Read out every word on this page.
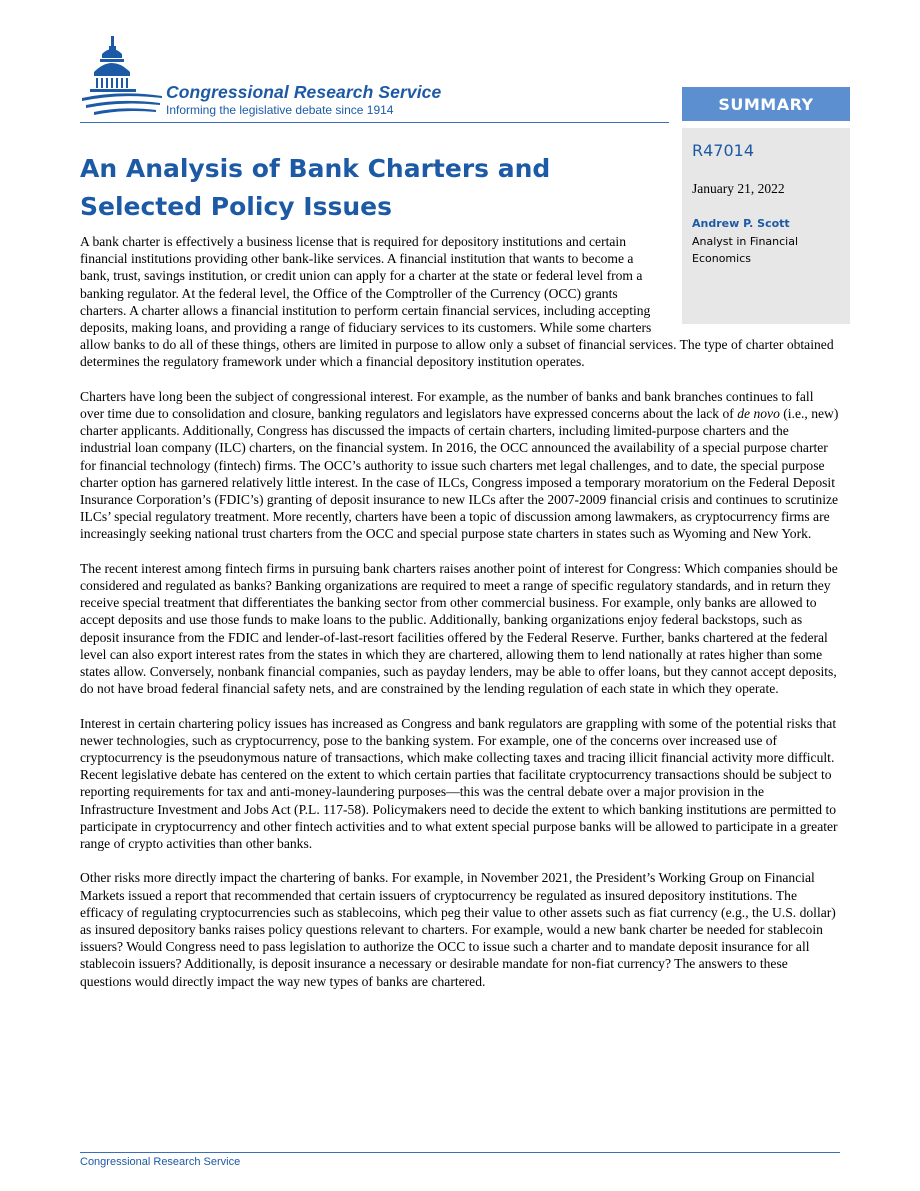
Congressional Research Service
Informing the legislative debate since 1914	SUMMARY
R47014
January 21, 2022
Andrew P. Scott
Analyst in Financial Economics
An Analysis of Bank Charters and Selected Policy Issues

A bank charter is effectively a business license that is required for depository institutions and certain financial institutions providing other bank-like services. A financial institution that wants to become a bank, trust, savings institution, or credit union can apply for a charter at the state or federal level from a banking regulator. At the federal level, the Office of the Comptroller of the Currency (OCC) grants charters. A charter allows a financial institution to perform certain financial services, including accepting deposits, making loans, and providing a range of fiduciary services to its customers. While some charters allow banks to do all of these things, others are limited in purpose to allow only a subset of financial services. The type of charter obtained determines the regulatory framework under which a financial depository institution operates.

Charters have long been the subject of congressional interest. For example, as the number of banks and bank branches continues to fall over time due to consolidation and closure, banking regulators and legislators have expressed concerns about the lack of de novo (i.e., new) charter applicants. Additionally, Congress has discussed the impacts of certain charters, including limited-purpose charters and the industrial loan company (ILC) charters, on the financial system. In 2016, the OCC announced the availability of a special purpose charter for financial technology (fintech) firms. The OCC’s authority to issue such charters met legal challenges, and to date, the special purpose charter option has garnered relatively little interest. In the case of ILCs, Congress imposed a temporary moratorium on the Federal Deposit Insurance Corporation’s (FDIC’s) granting of deposit insurance to new ILCs after the 2007-2009 financial crisis and continues to scrutinize ILCs’ special regulatory treatment. More recently, charters have been a topic of discussion among lawmakers, as cryptocurrency firms are increasingly seeking national trust charters from the OCC and special purpose state charters in states such as Wyoming and New York.

The recent interest among fintech firms in pursuing bank charters raises another point of interest for Congress: Which companies should be considered and regulated as banks? Banking organizations are required to meet a range of specific regulatory standards, and in return they receive special treatment that differentiates the banking sector from other commercial business. For example, only banks are allowed to accept deposits and use those funds to make loans to the public. Additionally, banking organizations enjoy federal backstops, such as deposit insurance from the FDIC and lender-of-last-resort facilities offered by the Federal Reserve. Further, banks chartered at the federal level can also export interest rates from the states in which they are chartered, allowing them to lend nationally at rates higher than some states allow. Conversely, nonbank financial companies, such as payday lenders, may be able to offer loans, but they cannot accept deposits, do not have broad federal financial safety nets, and are constrained by the lending regulation of each state in which they operate.

Interest in certain chartering policy issues has increased as Congress and bank regulators are grappling with some of the potential risks that newer technologies, such as cryptocurrency, pose to the banking system. For example, one of the concerns over increased use of cryptocurrency is the pseudonymous nature of transactions, which make collecting taxes and tracing illicit financial activity more difficult. Recent legislative debate has centered on the extent to which certain parties that facilitate cryptocurrency transactions should be subject to reporting requirements for tax and anti-money-laundering purposes—this was the central debate over a major provision in the Infrastructure Investment and Jobs Act (P.L. 117-58). Policymakers need to decide the extent to which banking institutions are permitted to participate in cryptocurrency and other fintech activities and to what extent special purpose banks will be allowed to participate in a greater range of crypto activities than other banks.

Other risks more directly impact the chartering of banks. For example, in November 2021, the President’s Working Group on Financial Markets issued a report that recommended that certain issuers of cryptocurrency be regulated as insured depository institutions. The efficacy of regulating cryptocurrencies such as stablecoins, which peg their value to other assets such as fiat currency (e.g., the U.S. dollar) as insured depository banks raises policy questions relevant to charters. For example, would a new bank charter be needed for stablecoin issuers? Would Congress need to pass legislation to authorize the OCC to issue such a charter and to mandate deposit insurance for all stablecoin issuers? Additionally, is deposit insurance a necessary or desirable mandate for non-fiat currency? The answers to these questions would directly impact the way new types of banks are chartered.

Congressional Research Service
